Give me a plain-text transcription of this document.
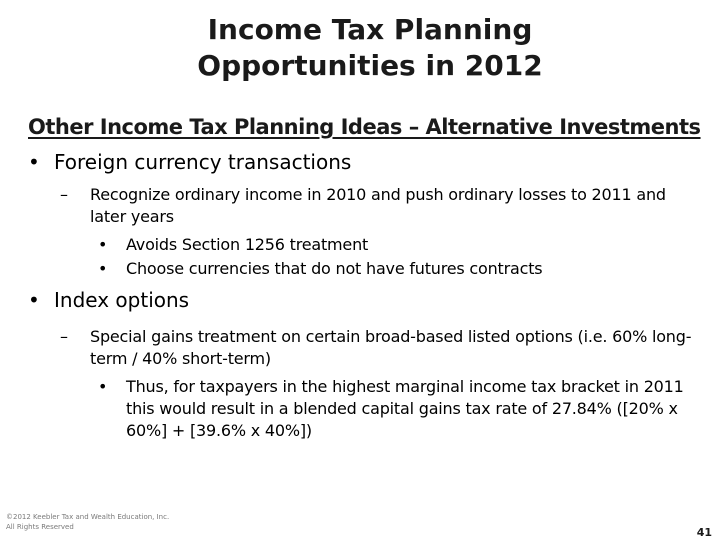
Income Tax Planning
Opportunities in 2012
Other Income Tax Planning Ideas – Alternative Investments
• Foreign currency transactions
– Recognize ordinary income in 2010 and push ordinary losses to 2011 and later years
• Avoids Section 1256 treatment
• Choose currencies that do not have futures contracts
• Index options
– Special gains treatment on certain broad-based listed options (i.e. 60% long-term / 40% short-term)
• Thus, for taxpayers in the highest marginal income tax bracket in 2011 this would result in a blended capital gains tax rate of 27.84% ([20% x 60%] + [39.6% x 40%])
©2012 Keebler Tax and Wealth Education, Inc.
All Rights Reserved	41
